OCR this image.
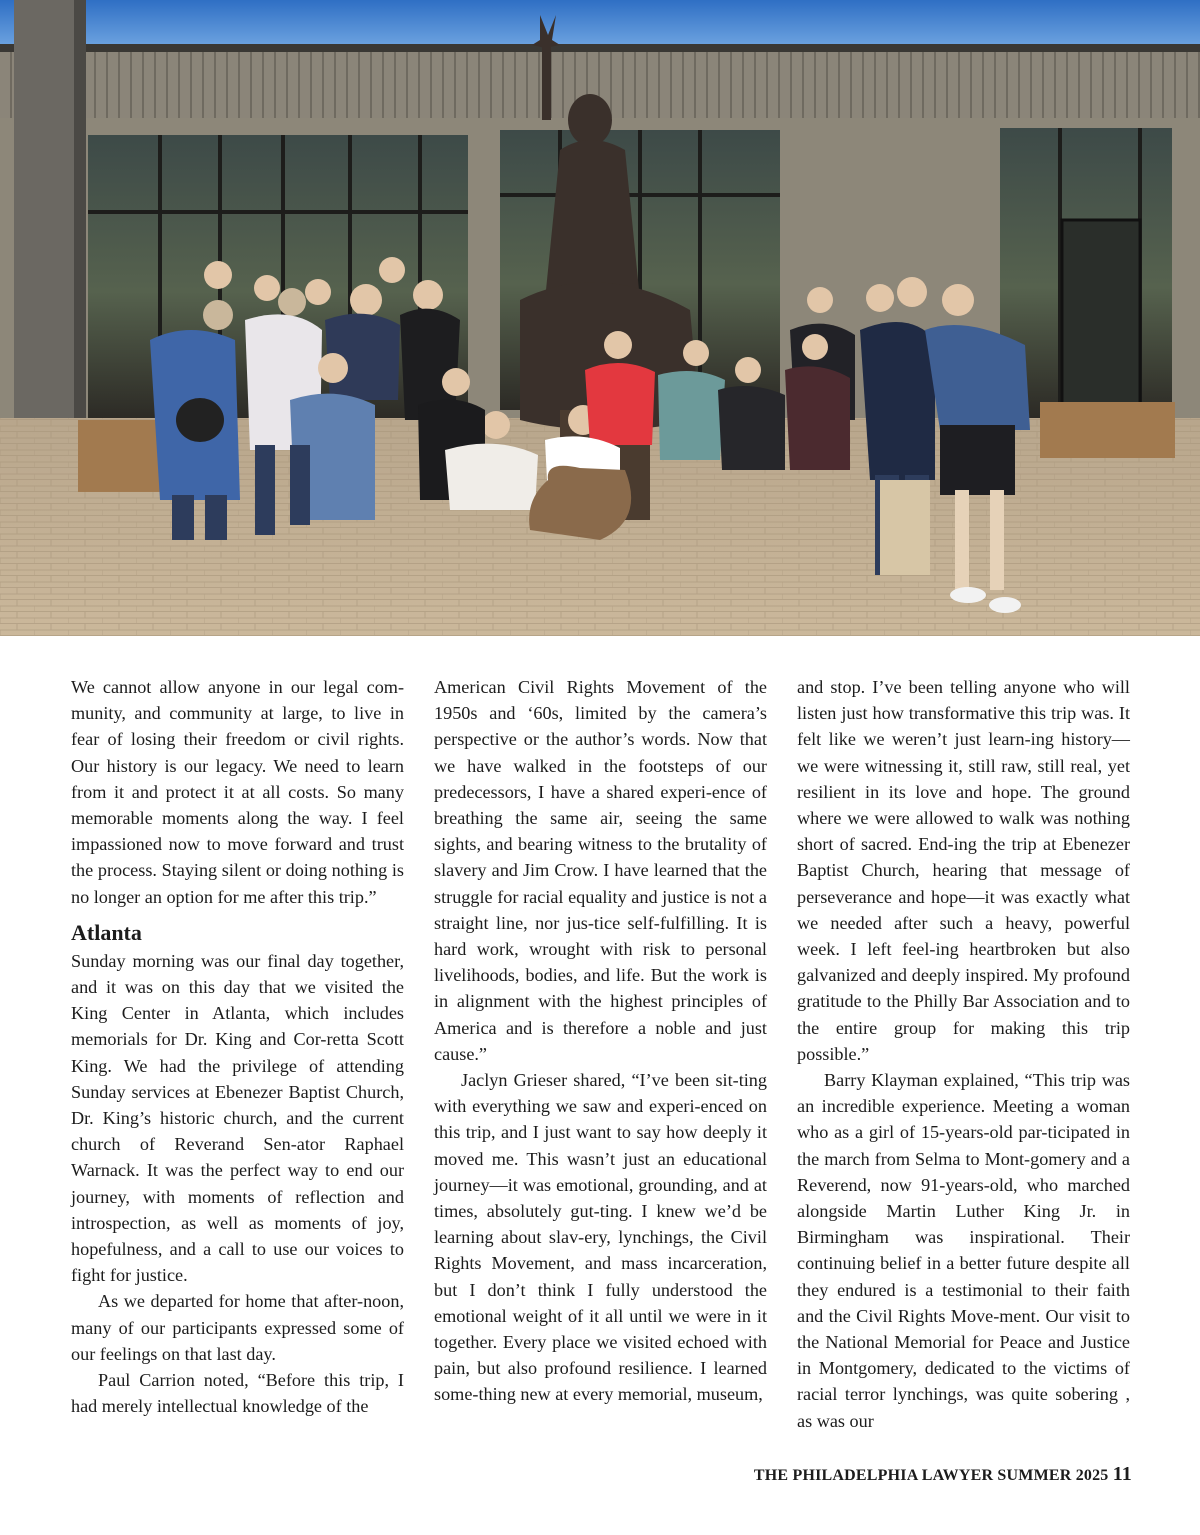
We cannot allow anyone in our legal com-munity, and community at large, to live in fear of losing their freedom or civil rights. Our history is our legacy. We need to learn from it and protect it at all costs. So many memorable moments along the way. I feel impassioned now to move forward and trust the process. Staying silent or doing nothing is no longer an option for me after this trip.”

Atlanta

Sunday morning was our final day together, and it was on this day that we visited the King Center in Atlanta, which includes memorials for Dr. King and Cor-retta Scott King. We had the privilege of attending Sunday services at Ebenezer Baptist Church, Dr. King’s historic church, and the current church of Reverand Sen-ator Raphael Warnack. It was the perfect way to end our journey, with moments of reflection and introspection, as well as moments of joy, hopefulness, and a call to use our voices to fight for justice.

As we departed for home that after-noon, many of our participants expressed some of our feelings on that last day.

Paul Carrion noted, “Before this trip, I had merely intellectual knowledge of the

American Civil Rights Movement of the 1950s and ‘60s, limited by the camera’s perspective or the author’s words. Now that we have walked in the footsteps of our predecessors, I have a shared experi-ence of breathing the same air, seeing the same sights, and bearing witness to the brutality of slavery and Jim Crow. I have learned that the struggle for racial equality and justice is not a straight line, nor jus-tice self-fulfilling. It is hard work, wrought with risk to personal livelihoods, bodies, and life. But the work is in alignment with the highest principles of America and is therefore a noble and just cause.”

Jaclyn Grieser shared, “I’ve been sit-ting with everything we saw and experi-enced on this trip, and I just want to say how deeply it moved me. This wasn’t just an educational journey—it was emotional, grounding, and at times, absolutely gut-ting. I knew we’d be learning about slav-ery, lynchings, the Civil Rights Movement, and mass incarceration, but I don’t think I fully understood the emotional weight of it all until we were in it together. Every place we visited echoed with pain, but also profound resilience. I learned some-thing new at every memorial, museum,

and stop. I’ve been telling anyone who will listen just how transformative this trip was. It felt like we weren’t just learn-ing history—we were witnessing it, still raw, still real, yet resilient in its love and hope. The ground where we were allowed to walk was nothing short of sacred. End-ing the trip at Ebenezer Baptist Church, hearing that message of perseverance and hope—it was exactly what we needed after such a heavy, powerful week. I left feel-ing heartbroken but also galvanized and deeply inspired. My profound gratitude to the Philly Bar Association and to the entire group for making this trip possible.”

Barry Klayman explained, “This trip was an incredible experience. Meeting a woman who as a girl of 15-years-old par-ticipated in the march from Selma to Mont-gomery and a Reverend, now 91-years-old, who marched alongside Martin Luther King Jr. in Birmingham was inspirational. Their continuing belief in a better future despite all they endured is a testimonial to their faith and the Civil Rights Move-ment. Our visit to the National Memorial for Peace and Justice in Montgomery, dedicated to the victims of racial terror lynchings, was quite sobering , as was our

THE PHILADELPHIA LAWYER SUMMER 2025 11
